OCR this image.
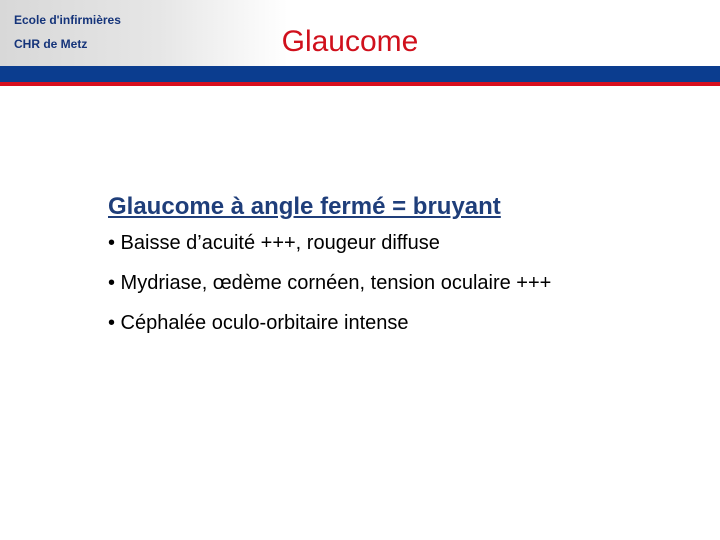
Ecole d'infirmières
CHR de Metz	Glaucome
Glaucome à angle fermé = bruyant
• Baisse d’acuité +++, rougeur diffuse
• Mydriase, œdème cornéen, tension oculaire +++
• Céphalée oculo-orbitaire intense
